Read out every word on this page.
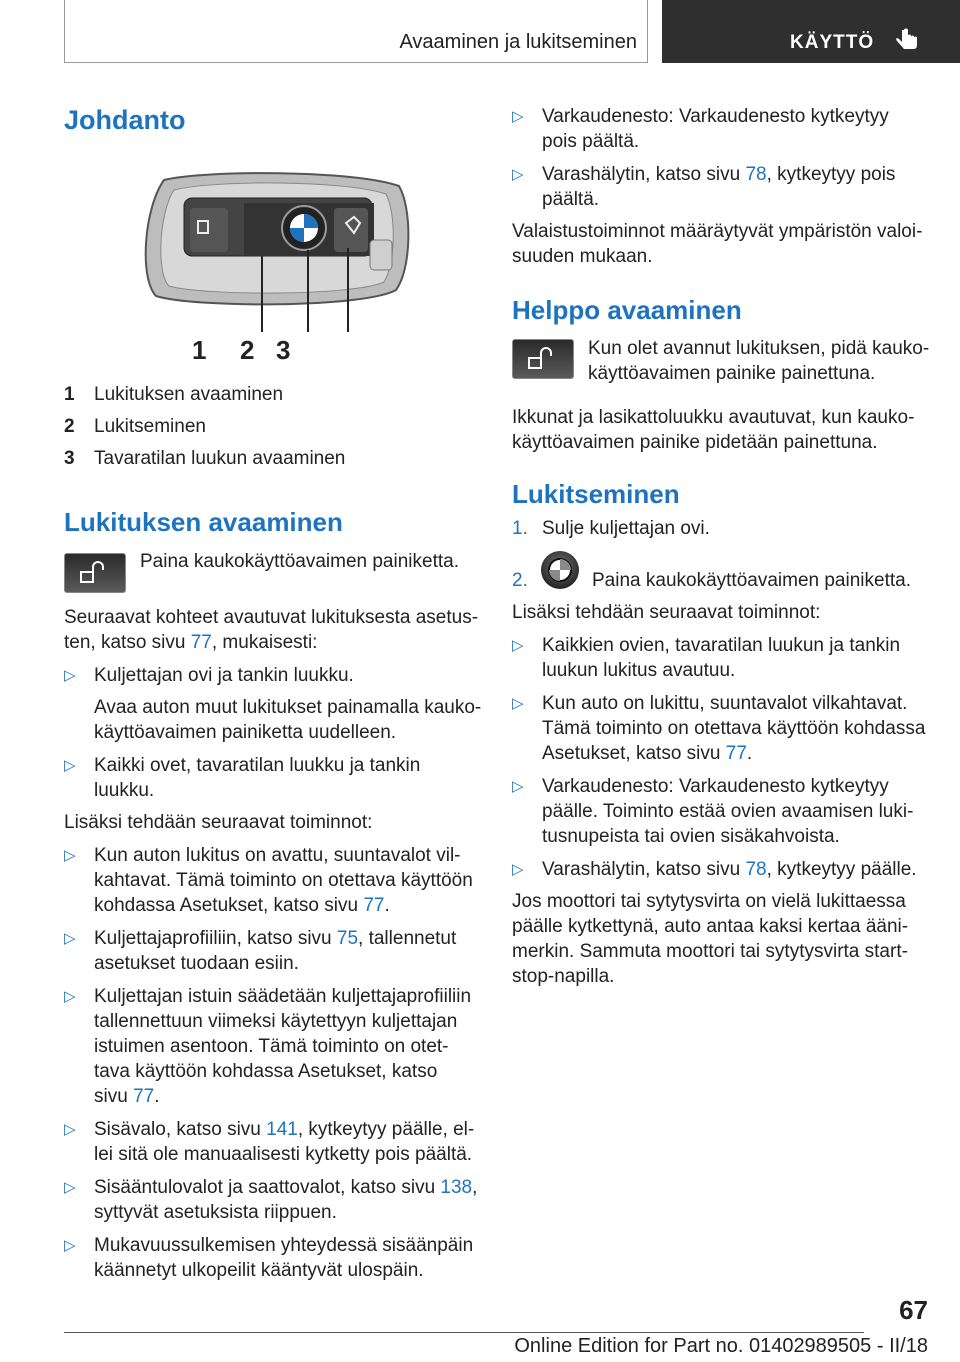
Avaaminen ja lukitseminen	KÄYTTÖ
Johdanto
1 2 3
1 Lukituksen avaaminen
2 Lukitseminen
3 Tavaratilan luukun avaaminen
Lukituksen avaaminen

Paina kaukokäyttöavaimen painiketta.

Seuraavat kohteet avautuvat lukituksesta asetus-
ten, katso sivu 77, mukaisesti:

▷ Kuljettajan ovi ja tankin luukku.
Avaa auton muut lukitukset painamalla kauko-
käyttöavaimen painiketta uudelleen.
▷ Kaikki ovet, tavaratilan luukku ja tankin luukku.

Lisäksi tehdään seuraavat toiminnot:

▷ Kun auton lukitus on avattu, suuntavalot vil-
kahtavat. Tämä toiminto on otettava käyttöön
kohdassa Asetukset, katso sivu 77.
▷ Kuljettajaprofiiliin, katso sivu 75, tallennetut
asetukset tuodaan esiin.
▷ Kuljettajan istuin säädetään kuljettajaprofiiliin
tallennettuun viimeksi käytettyyn kuljettajan
istuimen asentoon. Tämä toiminto on otet-
tava käyttöön kohdassa Asetukset, katso
sivu 77.
▷ Sisävalo, katso sivu 141, kytkeytyy päälle, el-
lei sitä ole manuaalisesti kytketty pois päältä.
▷ Sisääntulovalot ja saattovalot, katso sivu 138,
syttyvät asetuksista riippuen.
▷ Mukavuussulkemisen yhteydessä sisäänpäin
käännetyt ulkopeilit kääntyvät ulospäin.
▷ Varkaudenesto: Varkaudenesto kytkeytyy
pois päältä.
▷ Varashälytin, katso sivu 78, kytkeytyy pois
päältä.

Valaistustoiminnot määräytyvät ympäristön valoi-
suuden mukaan.

Helppo avaaminen

Kun olet avannut lukituksen, pidä kauko-
käyttöavaimen painike painettuna.

Ikkunat ja lasikattoluukku avautuvat, kun kauko-
käyttöavaimen painike pidetään painettuna.

Lukitseminen
1. Sulje kuljettajan ovi.
2.	Paina kaukokäyttöavaimen painiketta.

Lisäksi tehdään seuraavat toiminnot:

▷ Kaikkien ovien, tavaratilan luukun ja tankin
luukun lukitus avautuu.
▷ Kun auto on lukittu, suuntavalot vilkahtavat.
Tämä toiminto on otettava käyttöön kohdassa
Asetukset, katso sivu 77.
▷ Varkaudenesto: Varkaudenesto kytkeytyy
päälle. Toiminto estää ovien avaamisen luki-
tusnupeista tai ovien sisäkahvoista.
▷ Varashälytin, katso sivu 78, kytkeytyy päälle.

Jos moottori tai sytytysvirta on vielä lukittaessa
päälle kytkettynä, auto antaa kaksi kertaa ääni-
merkin. Sammuta moottori tai sytytysvirta start-
stop-napilla.

67
Online Edition for Part no. 01402989505 - II/18
